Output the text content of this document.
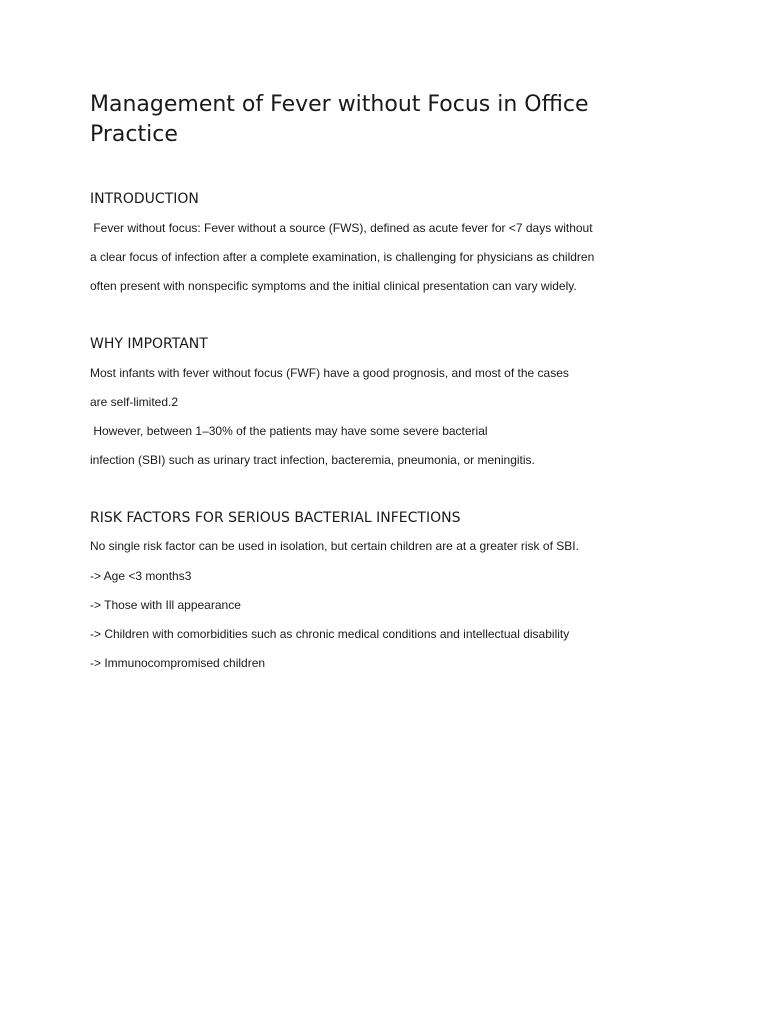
Management of Fever without Focus in Office Practice
INTRODUCTION

Fever without focus: Fever without a source (FWS), defined as acute fever for <7 days without

a clear focus of infection after a complete examination, is challenging for physicians as children

often present with nonspecific symptoms and the initial clinical presentation can vary widely.

WHY IMPORTANT

Most infants with fever without focus (FWF) have a good prognosis, and most of the cases

are self-limited.2

However, between 1–30% of the patients may have some severe bacterial

infection (SBI) such as urinary tract infection, bacteremia, pneumonia, or meningitis.

RISK FACTORS FOR SERIOUS BACTERIAL INFECTIONS

No single risk factor can be used in isolation, but certain children are at a greater risk of SBI.

-> Age <3 months3

-> Those with Ill appearance

-> Children with comorbidities such as chronic medical conditions and intellectual disability

-> Immunocompromised children
